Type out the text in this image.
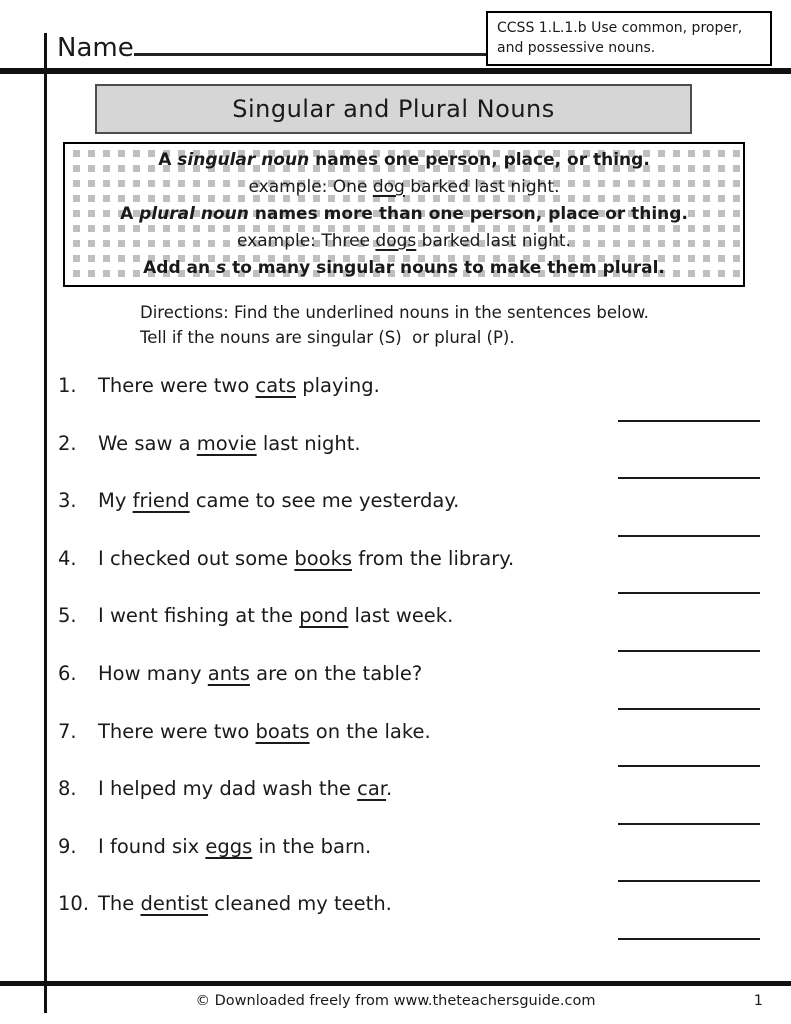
Name
CCSS 1.L.1.b Use common, proper, and possessive nouns.
Singular and Plural Nouns
A singular noun names one person, place, or thing.
example: One dog barked last night.
A plural noun names more than one person, place or thing.
example: Three dogs barked last night.
Add an s to many singular nouns to make them plural.
Directions: Find the underlined nouns in the sentences below.  Tell if the nouns are singular (S)  or plural (P).
1.	There were two cats playing.
2.	We saw a movie last night.
3.	My friend came to see me yesterday.
4.	I checked out some books from the library.
5.	I went fishing at the pond last week.
6.	How many ants are on the table?
7.	There were two boats on the lake.
8.	I helped my dad wash the car.
9.	I found six eggs in the barn.
10. The dentist cleaned my teeth.
© Downloaded freely from www.theteachersguide.com	1
